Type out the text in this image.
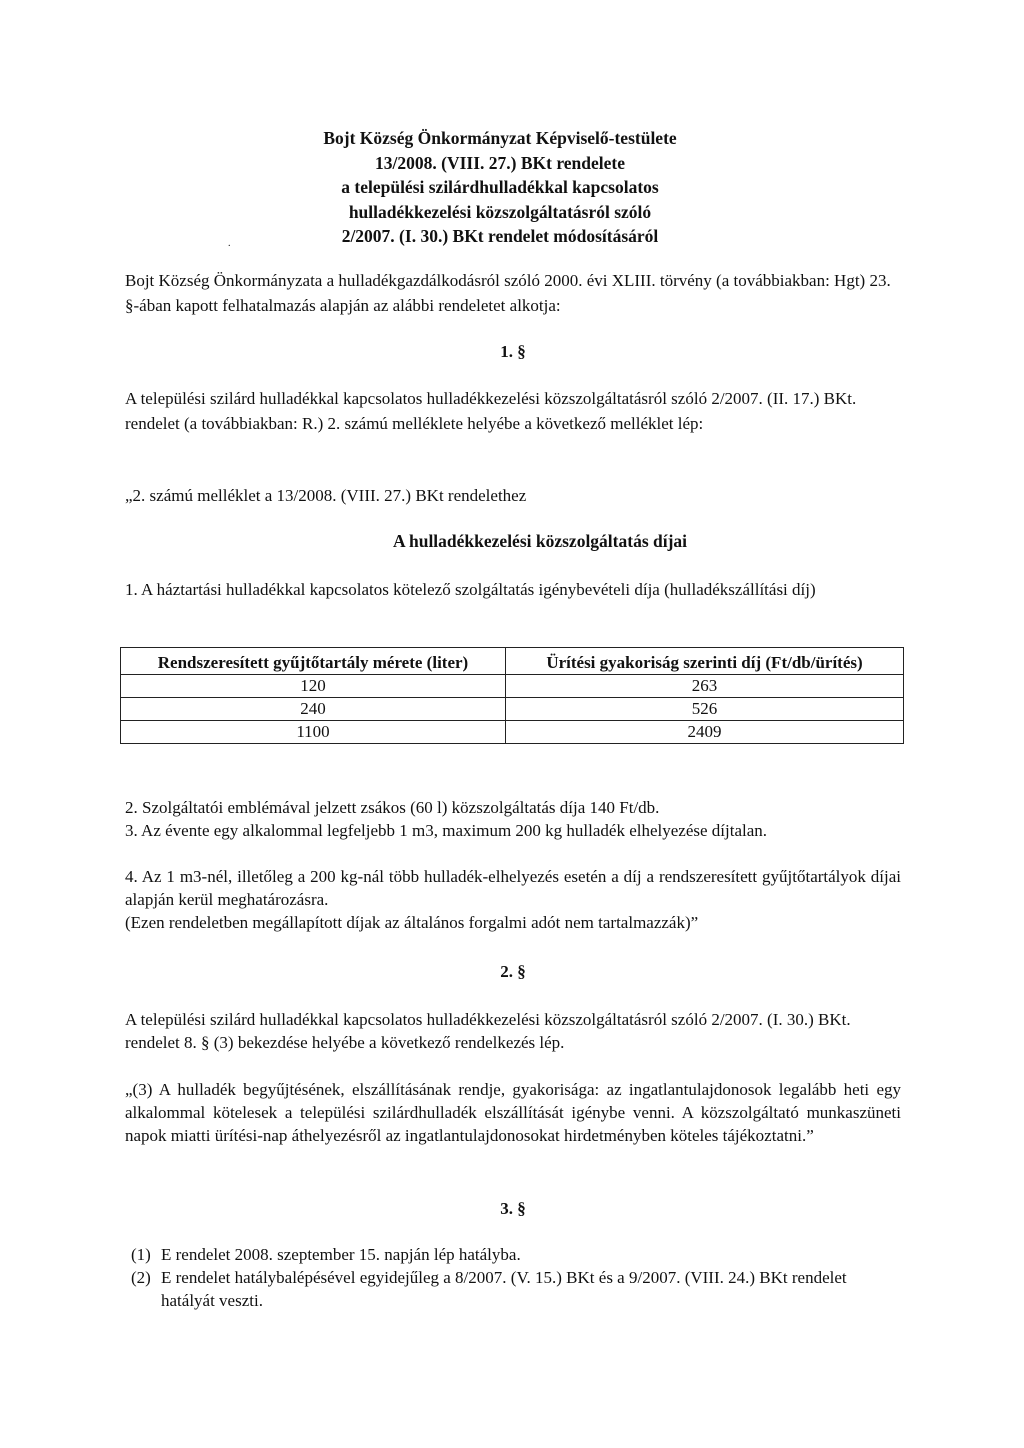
Bojt Község Önkormányzat Képviselő-testülete
13/2008. (VIII. 27.) BKt rendelete
a települési szilárdhulladékkal kapcsolatos
hulladékkezelési közszolgáltatásról szóló
2/2007. (I. 30.) BKt rendelet módosításáról
.

Bojt Község Önkormányzata a hulladékgazdálkodásról szóló 2000. évi XLIII. törvény (a továbbiakban: Hgt) 23. §-ában kapott felhatalmazás alapján az alábbi rendeletet alkotja:

1. §

A települési szilárd hulladékkal kapcsolatos hulladékkezelési közszolgáltatásról szóló 2/2007. (II. 17.) BKt. rendelet (a továbbiakban: R.) 2. számú melléklete helyébe a következő melléklet lép:

„2. számú melléklet a 13/2008. (VIII. 27.) BKt rendelethez

A hulladékkezelési közszolgáltatás díjai

1. A háztartási hulladékkal kapcsolatos kötelező szolgáltatás igénybevételi díja (hulladékszállítási díj)

Rendszeresített gyűjtőtartály mérete (liter)	Ürítési gyakoriság szerinti díj (Ft/db/ürítés)
120	263
240	526
1100	2409

2. Szolgáltatói emblémával jelzett zsákos (60 l) közszolgáltatás díja 140 Ft/db.

3. Az évente egy alkalommal legfeljebb 1 m3, maximum 200 kg hulladék elhelyezése díjtalan.

4. Az 1 m3-nél, illetőleg a 200 kg-nál több hulladék-elhelyezés esetén a díj a rendszeresített gyűjtőtartályok díjai alapján kerül meghatározásra.

(Ezen rendeletben megállapított díjak az általános forgalmi adót nem tartalmazzák)”

2. §

A települési szilárd hulladékkal kapcsolatos hulladékkezelési közszolgáltatásról szóló 2/2007. (I. 30.) BKt. rendelet 8. § (3) bekezdése helyébe a következő rendelkezés lép.

„(3) A hulladék begyűjtésének, elszállításának rendje, gyakorisága: az ingatlantulajdonosok legalább heti egy alkalommal kötelesek a települési szilárdhulladék elszállítását igénybe venni. A közszolgáltató munkaszüneti napok miatti ürítési-nap áthelyezésről az ingatlantulajdonosokat hirdetményben köteles tájékoztatni.”

3. §
(1) E rendelet 2008. szeptember 15. napján lép hatályba.
(2) E rendelet hatálybalépésével egyidejűleg a 8/2007. (V. 15.) BKt és a 9/2007. (VIII. 24.) BKt rendelet hatályát veszti.
